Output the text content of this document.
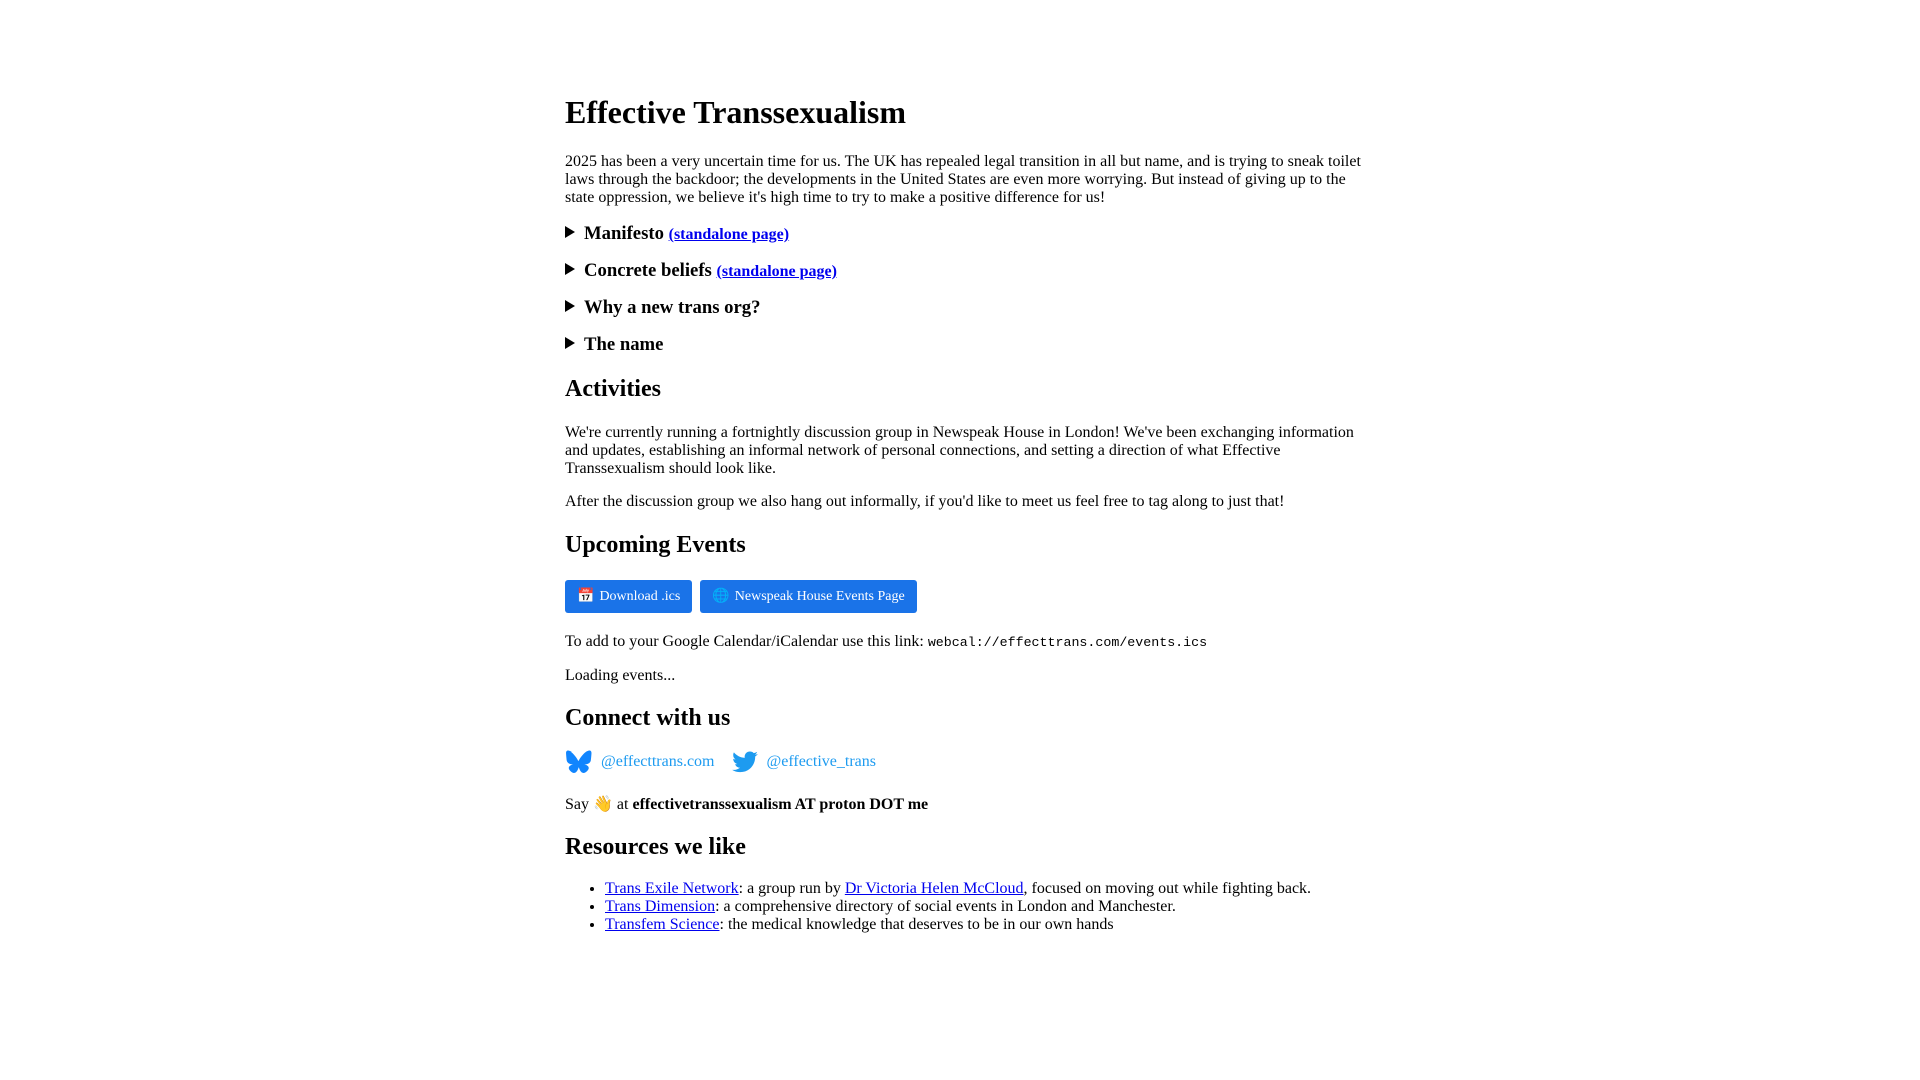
Effective Transsexualism

2025 has been a very uncertain time for us. The UK has repealed legal transition in all but name, and is trying to sneak toilet laws through the backdoor; the developments in the United States are even more worrying. But instead of giving up to the state oppression, we believe it's high time to try to make a positive difference for us!

Manifesto (standalone page)
Concrete beliefs (standalone page)
Why a new trans org?
The name
Activities

We're currently running a fortnightly discussion group in Newspeak House in London! We've been exchanging information and updates, establishing an informal network of personal connections, and setting a direction of what Effective Transsexualism should look like.

After the discussion group we also hang out informally, if you'd like to meet us feel free to tag along to just that!

Upcoming Events
📅 Download .ics 🌐 Newspeak House Events Page

To add to your Google Calendar/iCalendar use this link: webcal://effecttrans.com/events.ics

Loading events...

Connect with us
@effecttrans.com
	@effective_trans

Say 👋 at effectivetranssexualism AT proton DOT me

Resources we like
• Trans Exile Network: a group run by Dr Victoria Helen McCloud, focused on moving out while fighting back.
• Trans Dimension: a comprehensive directory of social events in London and Manchester.
• Transfem Science: the medical knowledge that deserves to be in our own hands
